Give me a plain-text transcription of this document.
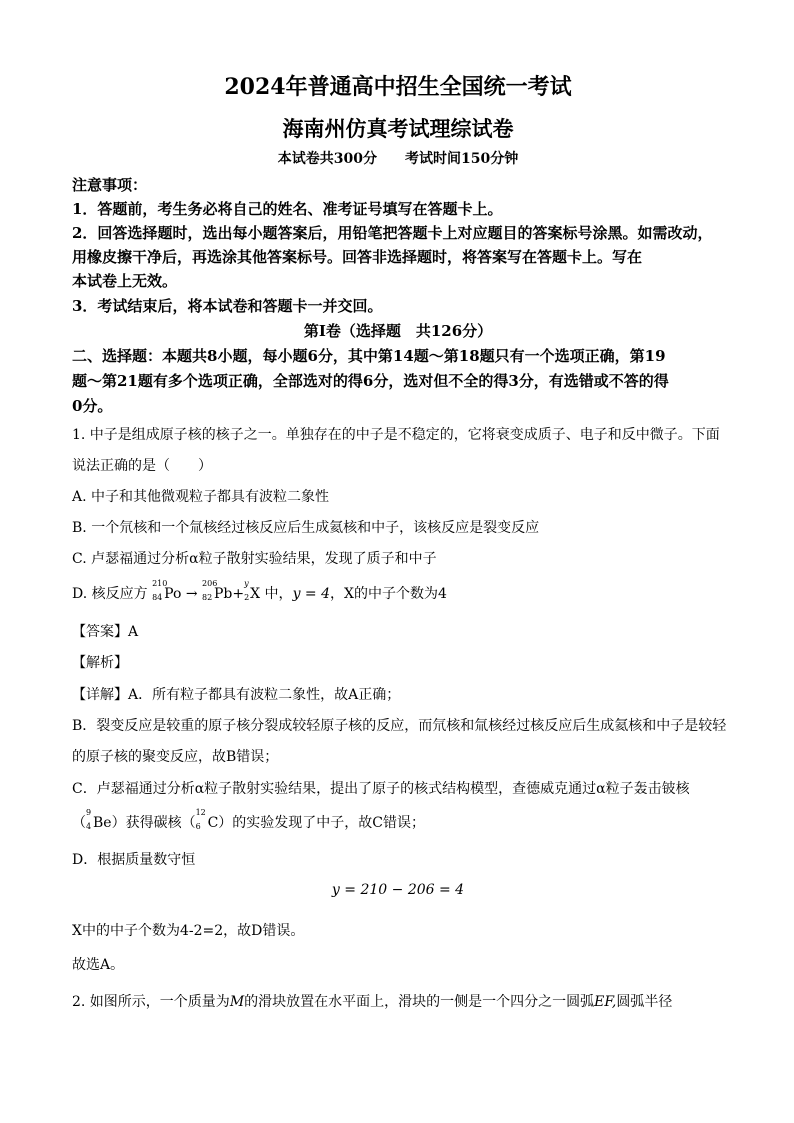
2024年普通高中招生全国统一考试
海南州仿真考试理综试卷
本试卷共300分 考试时间150分钟
注意事项：
1．答题前，考生务必将自己的姓名、准考证号填写在答题卡上。
2．回答选择题时，选出每小题答案后，用铅笔把答题卡上对应题目的答案标号涂黑。如需改动，
用橡皮擦干净后，再选涂其他答案标号。回答非选择题时，将答案写在答题卡上。写在
本试卷上无效。
3．考试结束后，将本试卷和答题卡一并交回。
第Ⅰ卷（选择题　共126分）
二、选择题：本题共8小题，每小题6分，其中第14题～第18题只有一个选项正确，第19
题～第21题有多个选项正确，全部选对的得6分，选对但不全的得3分，有选错或不答的得
0分。
1. 中子是组成原子核的核子之一。单独存在的中子是不稳定的，它将衰变成质子、电子和反中微子。下面
说法正确的是（　　）
A. 中子和其他微观粒子都具有波粒二象性
B. 一个氘核和一个氚核经过核反应后生成氦核和中子，该核反应是裂变反应
C. 卢瑟福通过分析α粒子散射实验结果，发现了质子和中子
D. 核反应方
210
84 Po →
206
82 Pb+
y
2 X 中，y = 4，X的中子个数为4
【答案】A
【解析】
【详解】A．所有粒子都具有波粒二象性，故A正确；
B．裂变反应是较重的原子核分裂成较轻原子核的反应，而氘核和氚核经过核反应后生成氦核和中子是较轻
的原子核的聚变反应，故B错误；
C．卢瑟福通过分析α粒子散射实验结果，提出了原子的核式结构模型，查德威克通过α粒子轰击铍核
（
9
4 Be）获得碳核（
12
6 C）的实验发现了中子，故C错误；
D．根据质量数守恒
y = 210 − 206 = 4
X中的中子个数为4-2=2，故D错误。
故选A。
2. 如图所示，一个质量为M的滑块放置在水平面上，滑块的一侧是一个四分之一圆弧EF,圆弧半径
